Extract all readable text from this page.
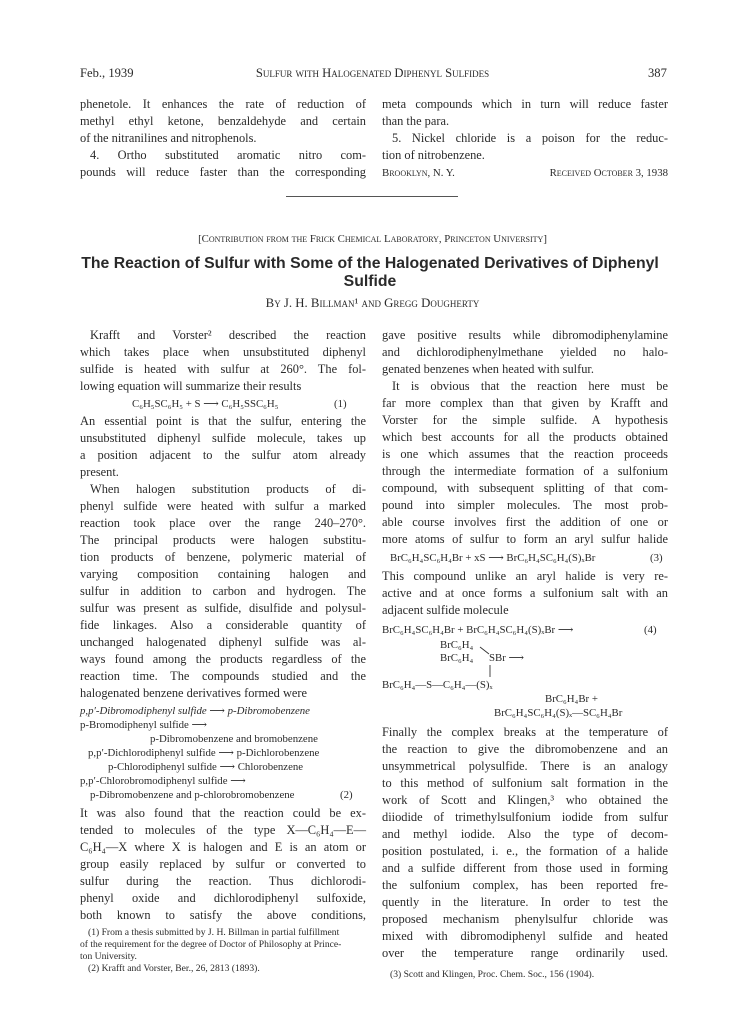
Feb., 1939	Sulfur with Halogenated Diphenyl Sulfides	387
phenetole. It enhances the rate of reduction of
methyl ethyl ketone, benzaldehyde and certain
of the nitranilines and nitrophenols.
4. Ortho substituted aromatic nitro com-
pounds will reduce faster than the corresponding
meta compounds which in turn will reduce faster
than the para.
5. Nickel chloride is a poison for the reduc-
tion of nitrobenzene.
Brooklyn, N. Y.	Received October 3, 1938
[Contribution from the Frick Chemical Laboratory, Princeton University]
The Reaction of Sulfur with Some of the Halogenated Derivatives of Diphenyl
Sulfide
By J. H. Billman¹ and Gregg Dougherty
Krafft and Vorster² described the reaction
which takes place when unsubstituted diphenyl
sulfide is heated with sulfur at 260°. The fol-
lowing equation will summarize their results
C₆H₅SC₆H₅ + S ⟶ C₆H₅SSC₆H₅	(1)
An essential point is that the sulfur, entering the
unsubstituted diphenyl sulfide molecule, takes up
a position adjacent to the sulfur atom already
present.
When halogen substitution products of di-
phenyl sulfide were heated with sulfur a marked
reaction took place over the range 240–270°.
The principal products were halogen substitu-
tion products of benzene, polymeric material of
varying composition containing halogen and
sulfur in addition to carbon and hydrogen. The
sulfur was present as sulfide, disulfide and polysul-
fide linkages. Also a considerable quantity of
unchanged halogenated diphenyl sulfide was al-
ways found among the products regardless of the
reaction time. The compounds studied and the
halogenated benzene derivatives formed were
p,p′-Dibromodiphenyl sulfide ⟶ p-Dibromobenzene
p-Bromodiphenyl sulfide ⟶
p-Dibromobenzene and bromobenzene
p,p′-Dichlorodiphenyl sulfide ⟶ p-Dichlorobenzene
p-Chlorodiphenyl sulfide ⟶ Chlorobenzene
p,p′-Chlorobromodiphenyl sulfide ⟶
p-Dibromobenzene and p-chlorobromobenzene	(2)
It was also found that the reaction could be ex-
tended to molecules of the type X—C₆H₄—E—
C₆H₄—X where X is halogen and E is an atom or
group easily replaced by sulfur or converted to
sulfur during the reaction. Thus dichlorodi-
phenyl oxide and dichlorodiphenyl sulfoxide,
both known to satisfy the above conditions,
(1) From a thesis submitted by J. H. Billman in partial fulfillment
of the requirement for the degree of Doctor of Philosophy at Prince-
ton University.
(2) Krafft and Vorster, Ber., 26, 2813 (1893).
gave positive results while dibromodiphenylamine
and dichlorodiphenylmethane yielded no halo-
genated benzenes when heated with sulfur.
It is obvious that the reaction here must be
far more complex than that given by Krafft and
Vorster for the simple sulfide. A hypothesis
which best accounts for all the products obtained
is one which assumes that the reaction proceeds
through the intermediate formation of a sulfonium
compound, with subsequent splitting of that com-
pound into simpler molecules. The most prob-
able course involves first the addition of one or
more atoms of sulfur to form an aryl sulfur halide
BrC₆H₄SC₆H₄Br + xS ⟶ BrC₆H₄SC₆H₄(S)ₓBr	(3)
This compound unlike an aryl halide is very re-
active and at once forms a sulfonium salt with an
adjacent sulfide molecule
BrC₆H₄SC₆H₄Br + BrC₆H₄SC₆H₄(S)ₓBr ⟶	(4)
BrC₆H₄
BrC₆H₄ SBr ⟶
BrC₆H₄—S—C₆H₄—(S)ₓ
BrC₆H₄Br +
BrC₆H₄SC₆H₄(S)ₓ—SC₆H₄Br
Finally the complex breaks at the temperature of
the reaction to give the dibromobenzene and an
unsymmetrical polysulfide. There is an analogy
to this method of sulfonium salt formation in the
work of Scott and Klingen,³ who obtained the
diiodide of trimethylsulfonium iodide from sulfur
and methyl iodide. Also the type of decom-
position postulated, i. e., the formation of a halide
and a sulfide different from those used in forming
the sulfonium complex, has been reported fre-
quently in the literature. In order to test the
proposed mechanism phenylsulfur chloride was
mixed with dibromodiphenyl sulfide and heated
over the temperature range ordinarily used.
(3) Scott and Klingen, Proc. Chem. Soc., 156 (1904).
